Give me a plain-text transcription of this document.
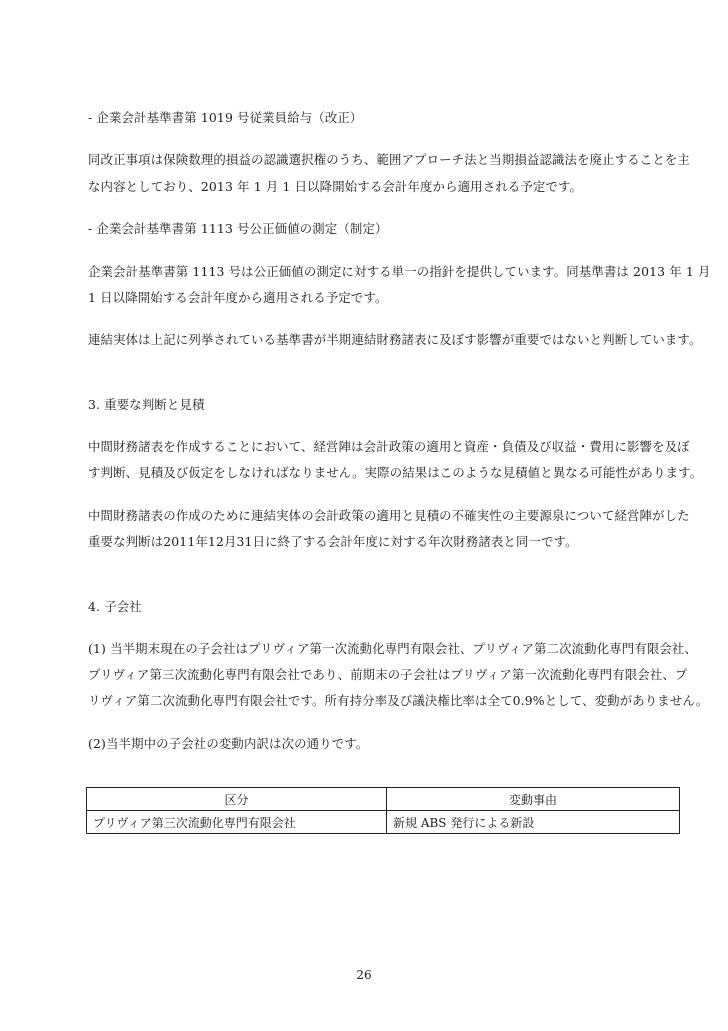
- 企業会計基準書第 1019 号従業員給与（改正）
同改正事項は保険数理的損益の認識選択権のうち、範囲アプローチ法と当期損益認識法を廃止することを主
な内容としており、2013 年 1 月 1 日以降開始する会計年度から適用される予定です。
- 企業会計基準書第 1113 号公正価値の測定（制定）
企業会計基準書第 1113 号は公正価値の測定に対する単一の指針を提供しています。同基準書は 2013 年 1 月
1 日以降開始する会計年度から適用される予定です。
連結実体は上記に列挙されている基準書が半期連結財務諸表に及ぼす影響が重要ではないと判断しています。
3. 重要な判断と見積
中間財務諸表を作成することにおいて、経営陣は会計政策の適用と資産・負債及び収益・費用に影響を及ぼ
す判断、見積及び仮定をしなければなりません。実際の結果はこのような見積値と異なる可能性があります。
中間財務諸表の作成のために連結実体の会計政策の適用と見積の不確実性の主要源泉について経営陣がした
重要な判断は2011年12月31日に終了する会計年度に対する年次財務諸表と同一です。
4. 子会社
(1) 当半期末現在の子会社はプリヴィア第一次流動化専門有限会社、プリヴィア第二次流動化専門有限会社、
プリヴィア第三次流動化専門有限会社であり、前期末の子会社はプリヴィア第一次流動化専門有限会社、プ
リヴィア第二次流動化専門有限会社です。所有持分率及び議決権比率は全て0.9%として、変動がありません。
(2)当半期中の子会社の変動内訳は次の通りです。
区分	変動事由
プリヴィア第三次流動化専門有限会社	新規 ABS 発行による新設
26
